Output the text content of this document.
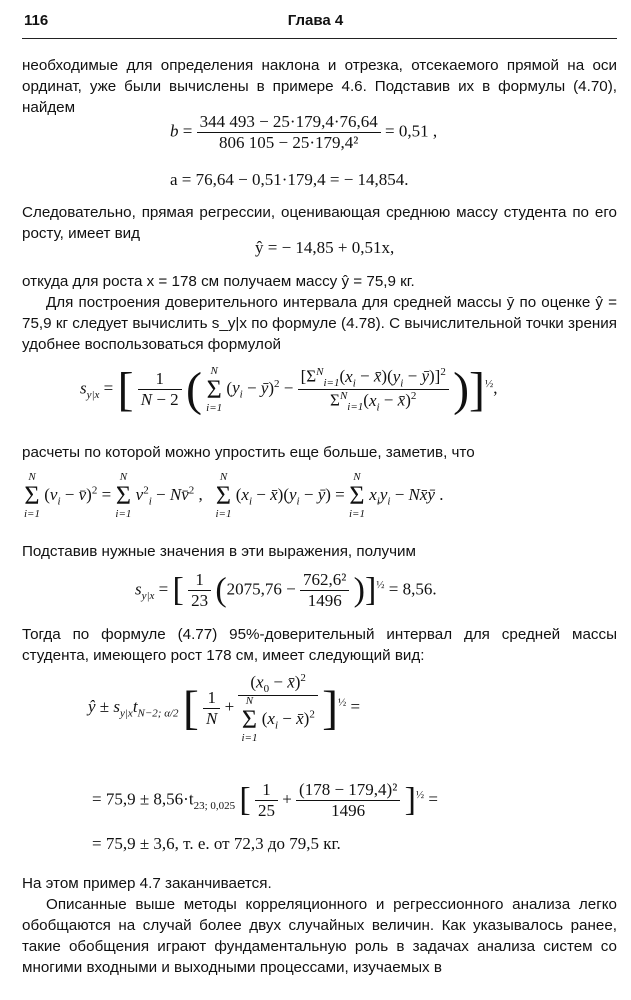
116	Глава 4
необходимые для определения наклона и отрезка, отсекаемого прямой на оси ординат, уже были вычислены в примере 4.6. Подставив их в формулы (4.70), найдем
$b = \frac{344 493 - 25\cdot 179,4\cdot 76,64}{\text{806 105 − 25·179,4²}} = 0,51$ ,
a = 76,64 − 0,51·179,4 = − 14,854.
Следовательно, прямая регрессии, оценивающая среднюю массу студента по его росту, имеет вид
ŷ = − 14,85 + 0,51x,
откуда для роста x = 178 см получаем массу ŷ = 75,9 кг.
Для построения доверительного интервала для средней массы ȳ по оценке ŷ = 75,9 кг следует вычислить s_y|x по формуле (4.78). С вычислительной точки зрения удобнее воспользоваться формулой
$s_{y|x}$ = [ $\frac{1}{N - 2}$ ( N
Σ
i=1
($y_i$ − ȳ)$^2$ − $\frac{[\Sigma^N_{i=1}(x_i - x̄)(y_i - ȳ)]^2}{\Sigma^N_{i=1}(x_i - x̄)^2} )]^{\frac{1}{2}}$,
расчеты по которой можно упростить еще больше, заметив, что
N
Σ
i=1
($v_i$ − v̄)$^2$ =
N
Σ
i=1
$v^2_i$ − Nv̄$^2$ ,
N
Σ
i=1
($x_i$ − $x̄)(y_i$ − ȳ) =
N
Σ
i=1
$x_iy_i$ − Nx̄ȳ .
Подставив нужные значения в эти выражения, получим
$s_{y|x}$ = [ $\frac{1}{23} (2075,76 - \frac{\text{762,6²}}{1496} )]^{\frac{1}{2}} = 8,56$.
Тогда по формуле (4.77) 95%-доверительный интервал для средней массы студента, имеющего рост 178 см, имеет следующий вид:
ŷ ± $s_{y|x}t_{N-2; \alpha/2}$ [ $\frac{1}{N} + (x_0$ − x̄)$^2$
N
Σ
i=1
($x_i$ − x̄)$^2$ ]$^{\frac{1}{2}}$ =
= $75,9 \pm 8,56\cdot t_{23; 0,025}$ [ $\frac{1}{25} + \frac{\text{(178 − 179,4)²}}{1496} ]^{\frac{1}{2}}$ =
= 75,9 ± 3,6, т. е. от 72,3 до 79,5 кг.
На этом пример 4.7 заканчивается.
Описанные выше методы корреляционного и регрессионного анализа легко обобщаются на случай более двух случайных величин. Как указывалось ранее, такие обобщения играют фундаментальную роль в задачах анализа систем со многими входными и выходными процессами, изучаемых в
